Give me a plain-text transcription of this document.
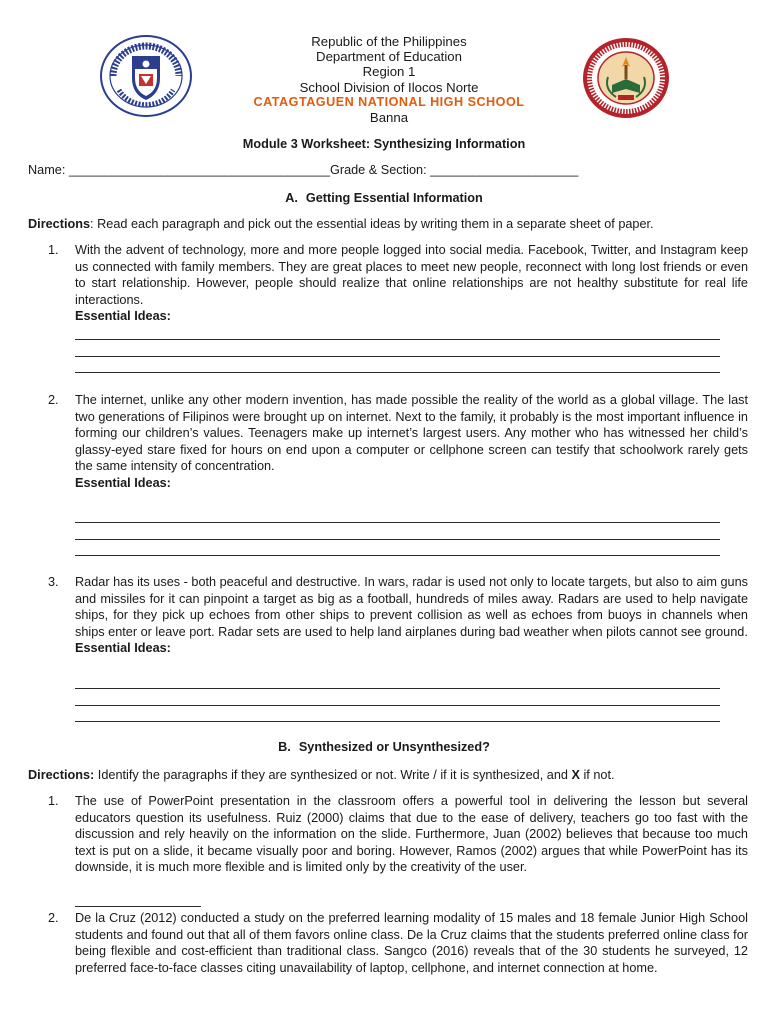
Republic of the Philippines
Department of Education
Region 1
School Division of Ilocos Norte
CATAGTAGUEN NATIONAL HIGH SCHOOL
Banna
Module 3 Worksheet: Synthesizing Information
Name: _____________________________________Grade & Section: _____________________
A. Getting Essential Information
Directions: Read each paragraph and pick out the essential ideas by writing them in a separate sheet of paper.
1.	With the advent of technology, more and more people logged into social media. Facebook, Twitter, and Instagram keep us connected with family members. They are great places to meet new people, reconnect with long lost friends or even to start relationship. However, people should realize that online relationships are not healthy substitute for real life interactions.

Essential Ideas:

2.	The internet, unlike any other modern invention, has made possible the reality of the world as a global village. The last two generations of Filipinos were brought up on internet. Next to the family, it probably is the most important influence in forming our children’s values. Teenagers make up internet’s largest users. Any mother who has witnessed her child’s glassy-eyed stare fixed for hours on end upon a computer or cellphone screen can testify that schoolwork rarely gets the same intensity of concentration.

Essential Ideas:

3.	Radar has its uses - both peaceful and destructive. In wars, radar is used not only to locate targets, but also to aim guns and missiles for it can pinpoint a target as big as a football, hundreds of miles away. Radars are used to help navigate ships, for they pick up echoes from other ships to prevent collision as well as echoes from buoys in channels when ships enter or leave port. Radar sets are used to help land airplanes during bad weather when pilots cannot see ground.

Essential Ideas:

B. Synthesized or Unsynthesized?
Directions: Identify the paragraphs if they are synthesized or not. Write / if it is synthesized, and X if not.
1.	The use of PowerPoint presentation in the classroom offers a powerful tool in delivering the lesson but several educators question its usefulness. Ruiz (2000) claims that due to the ease of delivery, teachers go too fast with the discussion and rely heavily on the information on the slide. Furthermore, Juan (2002) believes that because too much text is put on a slide, it became visually poor and boring. However, Ramos (2002) argues that while PowerPoint has its downside, it is much more flexible and is limited only by the creativity of the user.

2.	De la Cruz (2012) conducted a study on the preferred learning modality of 15 males and 18 female Junior High School students and found out that all of them favors online class. De la Cruz claims that the students preferred online class for being flexible and cost-efficient than traditional class. Sangco (2016) reveals that of the 30 students he surveyed, 12 preferred face-to-face classes citing unavailability of laptop, cellphone, and internet connection at home.
